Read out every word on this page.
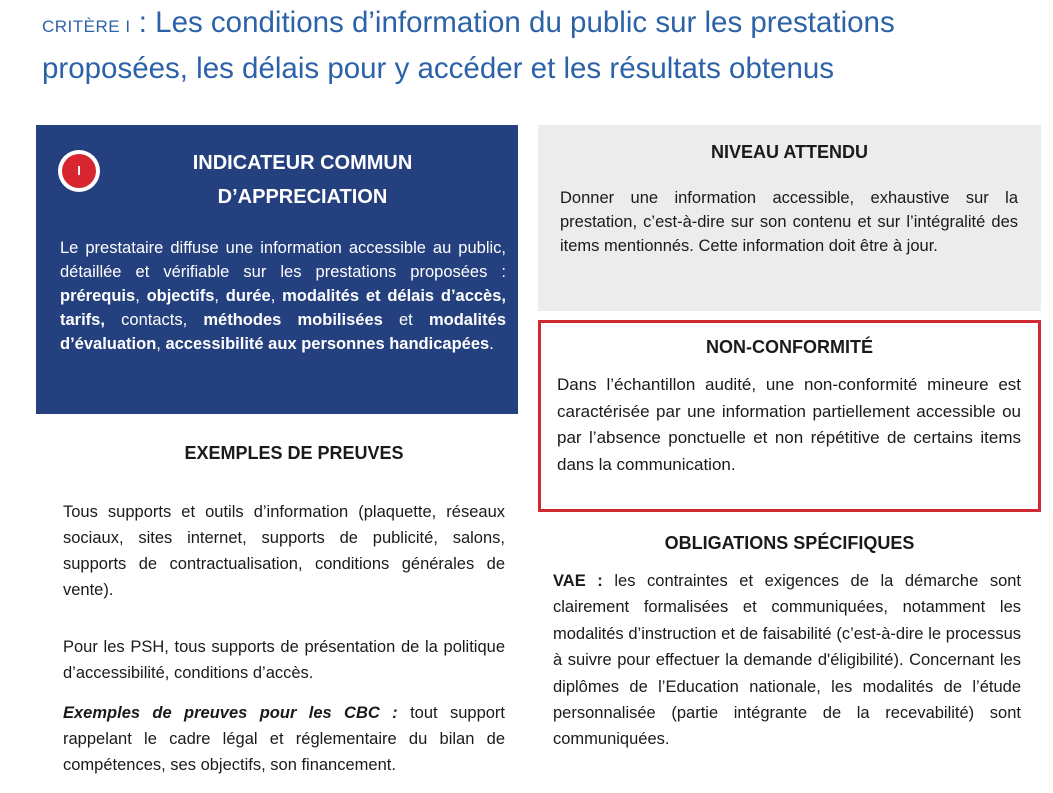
CRITÈRE I : Les conditions d’information du public sur les prestations proposées, les délais pour y accéder et les résultats obtenus
I	INDICATEUR COMMUN
D’APPRECIATION
Le prestataire diffuse une information accessible au public, détaillée et vérifiable sur les prestations proposées : prérequis, objectifs, durée, modalités et délais d’accès, tarifs, contacts, méthodes mobilisées et modalités d’évaluation, accessibilité aux personnes handicapées.
NIVEAU ATTENDU
Donner une information accessible, exhaustive sur la prestation, c’est-à-dire sur son contenu et sur l’intégralité des items mentionnés. Cette information doit être à jour.
NON-CONFORMITÉ
Dans l’échantillon audité, une non-conformité mineure est caractérisée par une information partiellement accessible ou par l’absence ponctuelle et non répétitive de certains items dans la communication.
EXEMPLES DE PREUVES
Tous supports et outils d’information (plaquette, réseaux sociaux, sites internet, supports de publicité, salons, supports de contractualisation, conditions générales de vente).
Pour les PSH, tous supports de présentation de la politique d’accessibilité, conditions d’accès.
Exemples de preuves pour les CBC : tout support rappelant le cadre légal et réglementaire du bilan de compétences, ses objectifs, son financement.
OBLIGATIONS SPÉCIFIQUES
VAE : les contraintes et exigences de la démarche sont clairement formalisées et communiquées, notamment les modalités d’instruction et de faisabilité (c’est-à-dire le processus à suivre pour effectuer la demande d'éligibilité). Concernant les diplômes de l’Education nationale, les modalités de l’étude personnalisée (partie intégrante de la recevabilité) sont communiquées.
